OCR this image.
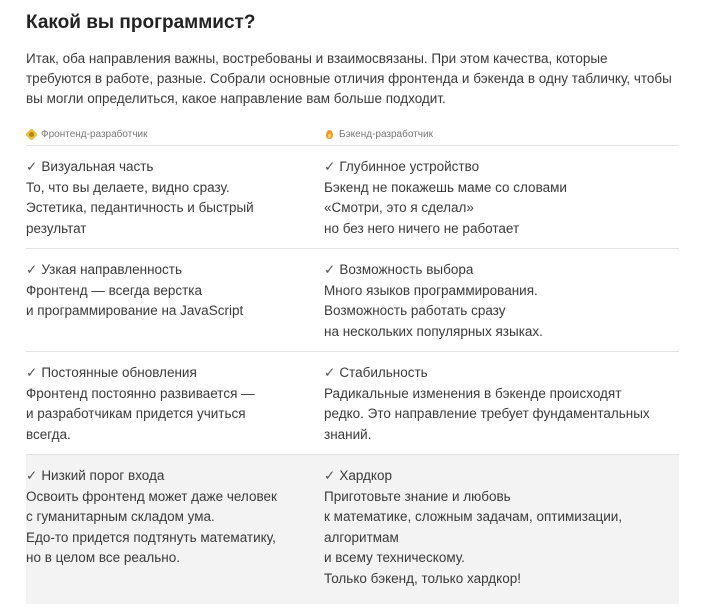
Какой вы программист?

Итак, оба направления важны, востребованы и взаимосвязаны. При этом качества, которые требуются в работе, разные. Собрали основные отличия фронтенда и бэкенда в одну табличку, чтобы вы могли определиться, какое направление вам больше подходит.

Фронтенд-разработчик	Бэкенд-разработчик
✓ Визуальная часть
То, что вы делаете, видно сразу.
Эстетика, педантичность и быстрый
результат
✓ Глубинное устройство
Бэкенд не покажешь маме со словами
«Смотри, это я сделал»
но без него ничего не работает
✓ Узкая направленность
Фронтенд — всегда верстка
и программирование на JavaScript
✓ Возможность выбора
Много языков программирования.
Возможность работать сразу
на нескольких популярных языках.
✓ Постоянные обновления
Фронтенд постоянно развивается —
и разработчикам придется учиться
всегда.
✓ Стабильность
Радикальные изменения в бэкенде происходят
редко. Это направление требует фундаментальных
знаний.
✓ Низкий порог входа
Освоить фронтенд может даже человек
с гуманитарным складом ума.
Едо-то придется подтянуть математику,
но в целом все реально.
✓ Хардкор
Приготовьте знание и любовь
к математике, сложным задачам, оптимизации,
алгоритмам
и всему техническому.
Только бэкенд, только хардкор!
